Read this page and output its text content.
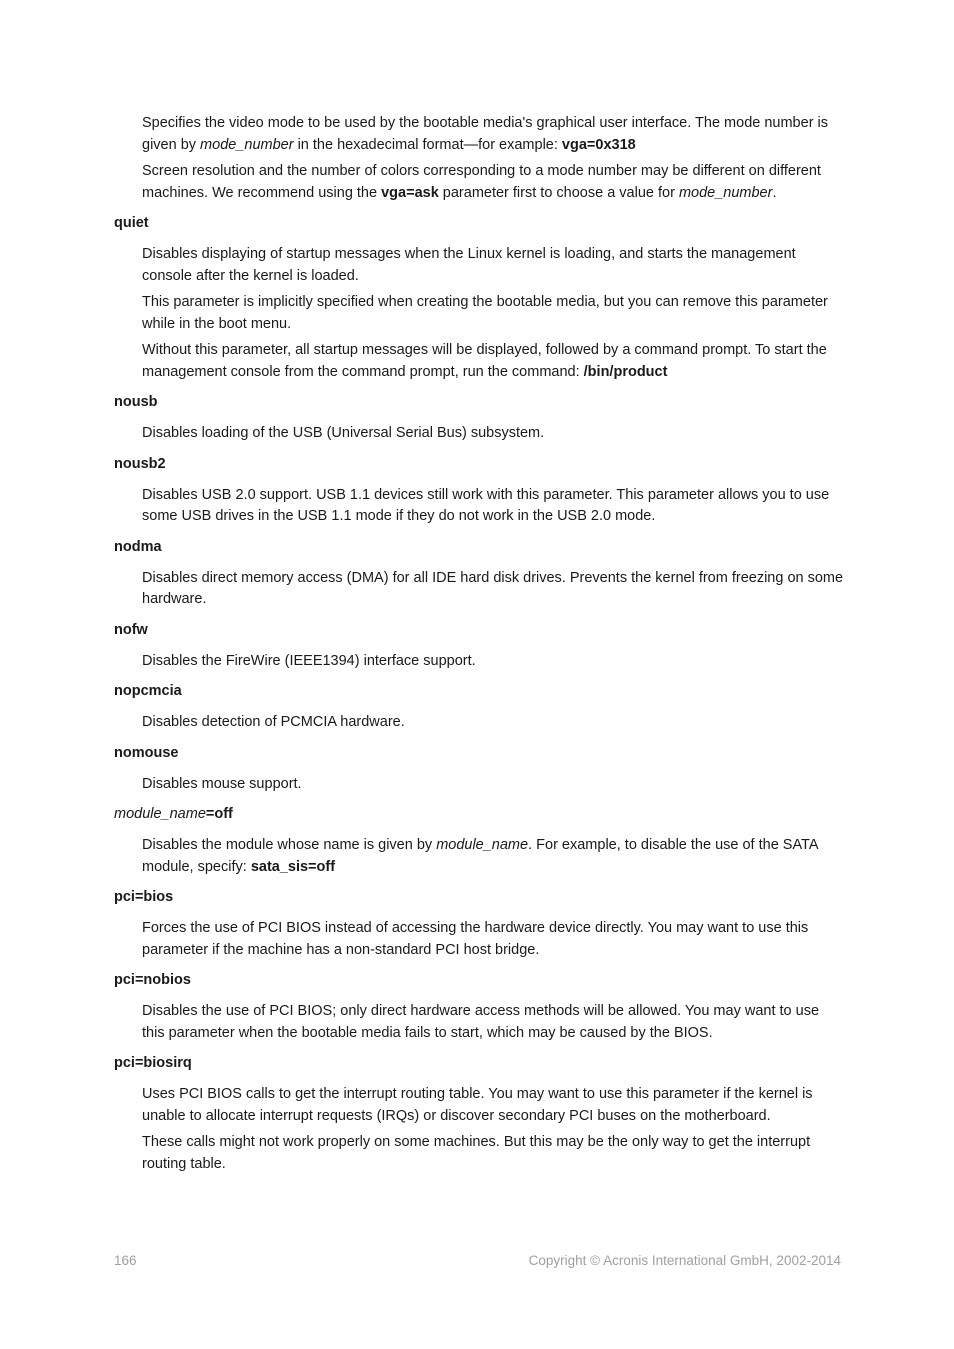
Specifies the video mode to be used by the bootable media's graphical user interface. The mode number is given by mode_number in the hexadecimal format—for example: vga=0x318

Screen resolution and the number of colors corresponding to a mode number may be different on different machines. We recommend using the vga=ask parameter first to choose a value for mode_number.

quiet

Disables displaying of startup messages when the Linux kernel is loading, and starts the management console after the kernel is loaded.

This parameter is implicitly specified when creating the bootable media, but you can remove this parameter while in the boot menu.

Without this parameter, all startup messages will be displayed, followed by a command prompt. To start the management console from the command prompt, run the command: /bin/product

nousb

Disables loading of the USB (Universal Serial Bus) subsystem.

nousb2

Disables USB 2.0 support. USB 1.1 devices still work with this parameter. This parameter allows you to use some USB drives in the USB 1.1 mode if they do not work in the USB 2.0 mode.

nodma

Disables direct memory access (DMA) for all IDE hard disk drives. Prevents the kernel from freezing on some hardware.

nofw

Disables the FireWire (IEEE1394) interface support.

nopcmcia

Disables detection of PCMCIA hardware.

nomouse

Disables mouse support.

module_name=off

Disables the module whose name is given by module_name. For example, to disable the use of the SATA module, specify: sata_sis=off

pci=bios

Forces the use of PCI BIOS instead of accessing the hardware device directly. You may want to use this parameter if the machine has a non-standard PCI host bridge.

pci=nobios

Disables the use of PCI BIOS; only direct hardware access methods will be allowed. You may want to use this parameter when the bootable media fails to start, which may be caused by the BIOS.

pci=biosirq

Uses PCI BIOS calls to get the interrupt routing table. You may want to use this parameter if the kernel is unable to allocate interrupt requests (IRQs) or discover secondary PCI buses on the motherboard.

These calls might not work properly on some machines. But this may be the only way to get the interrupt routing table.

166	Copyright © Acronis International GmbH, 2002-2014
